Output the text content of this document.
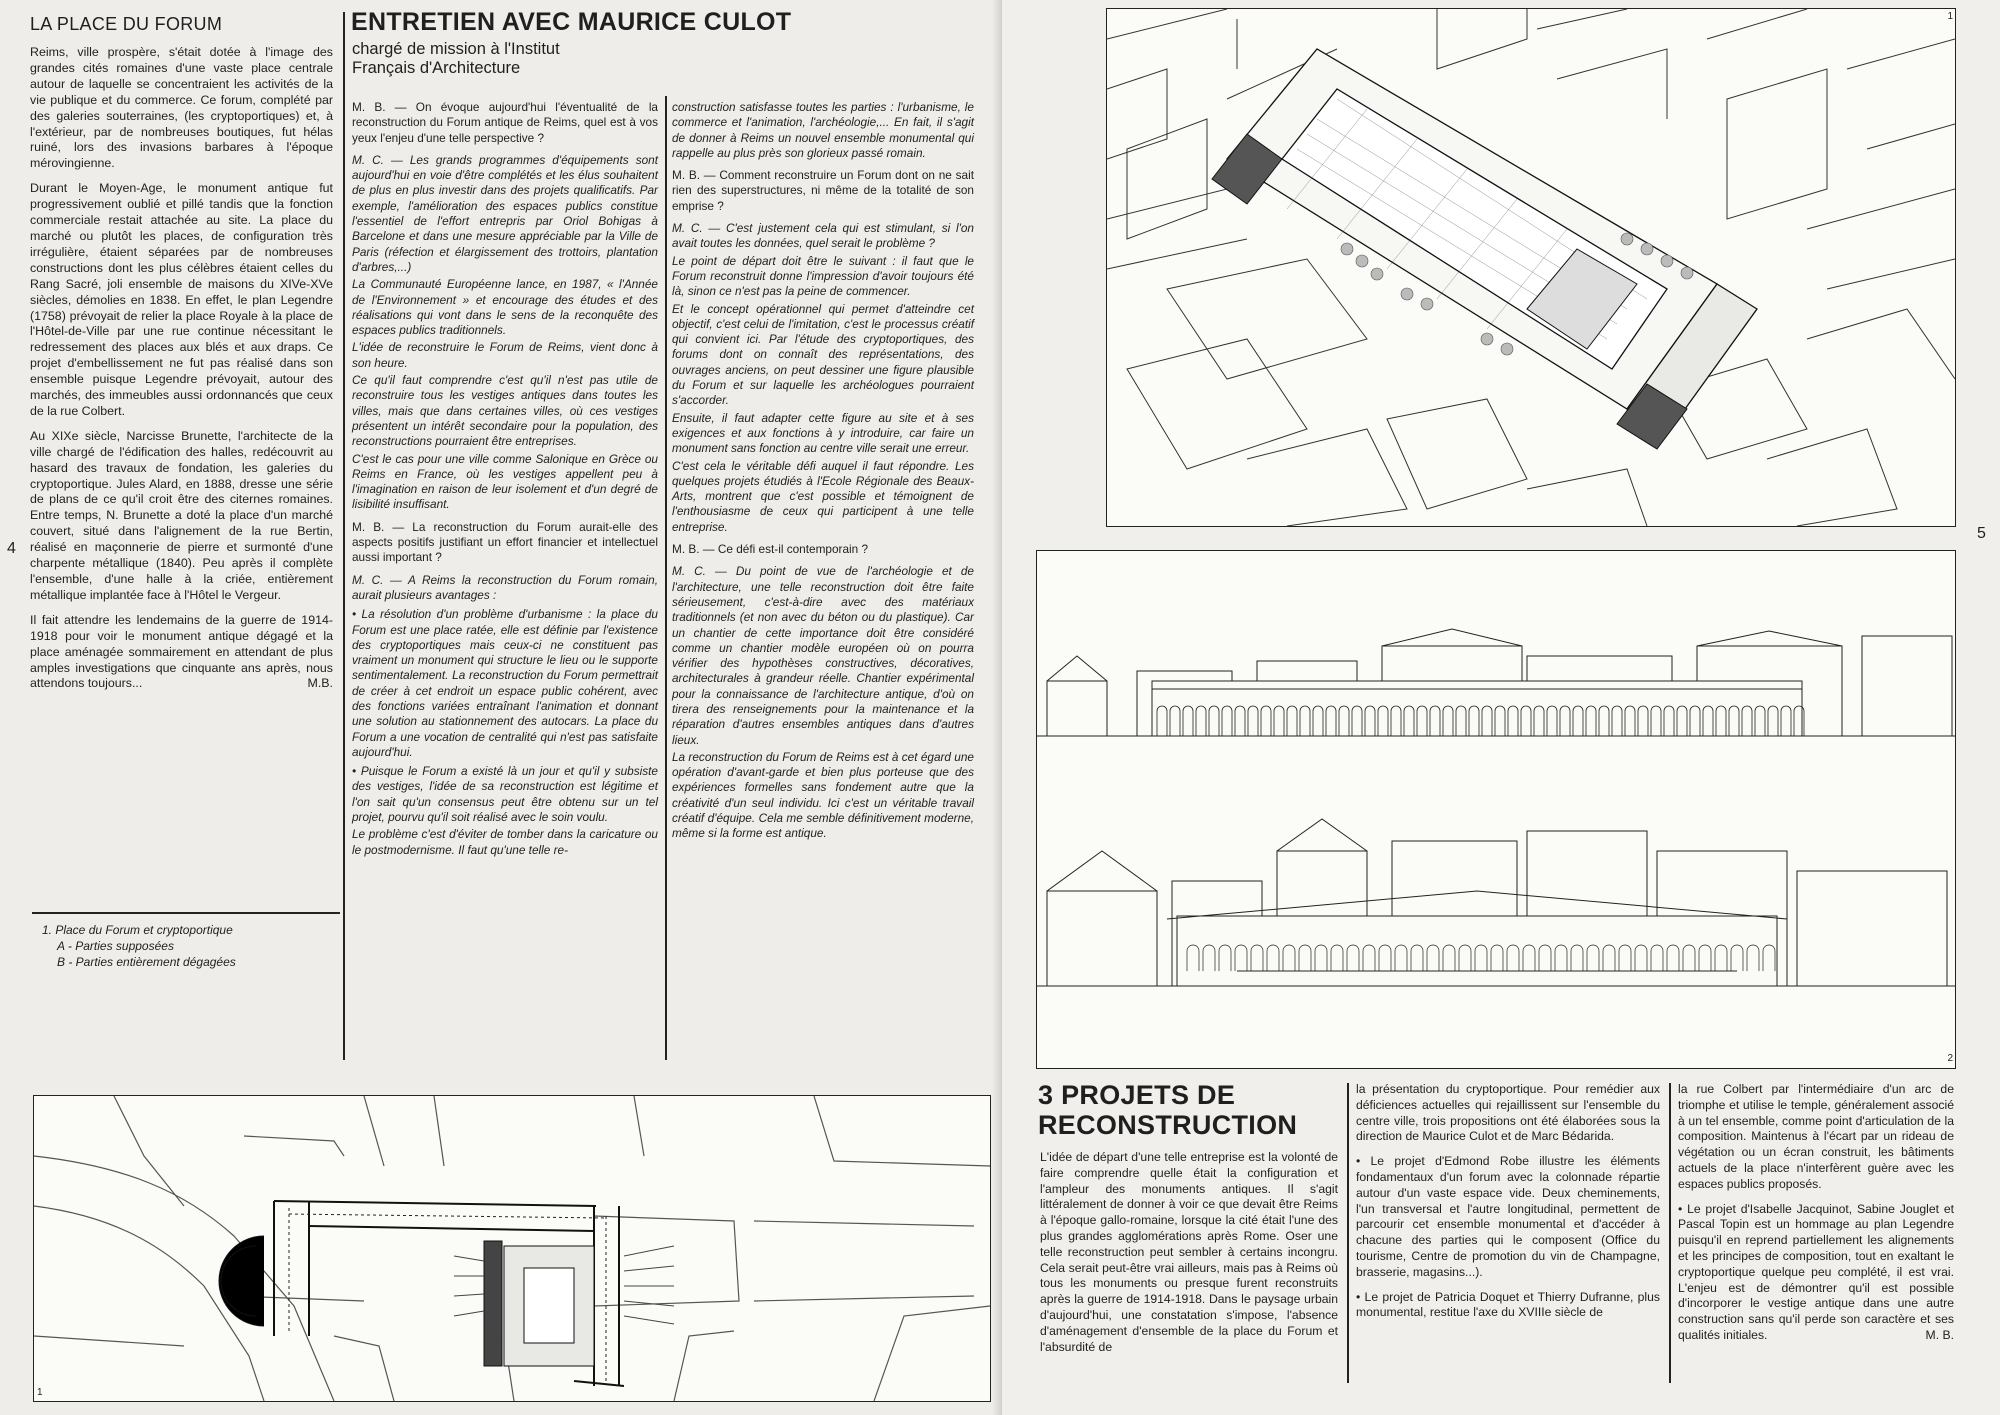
LA PLACE DU FORUM

Reims, ville prospère, s'était dotée à l'image des grandes cités romaines d'une vaste place centrale autour de laquelle se concentraient les activités de la vie publique et du commerce. Ce forum, complété par des galeries souterraines, (les cryptoportiques) et, à l'extérieur, par de nombreuses boutiques, fut hélas ruiné, lors des invasions barbares à l'époque mérovingienne.

Durant le Moyen-Age, le monument antique fut progressivement oublié et pillé tandis que la fonction commerciale restait attachée au site. La place du marché ou plutôt les places, de configuration très irrégulière, étaient séparées par de nombreuses constructions dont les plus célèbres étaient celles du Rang Sacré, joli ensemble de maisons du XIVe-XVe siècles, démolies en 1838. En effet, le plan Legendre (1758) prévoyait de relier la place Royale à la place de l'Hôtel-de-Ville par une rue continue nécessitant le redressement des places aux blés et aux draps. Ce projet d'embellissement ne fut pas réalisé dans son ensemble puisque Legendre prévoyait, autour des marchés, des immeubles aussi ordonnancés que ceux de la rue Colbert.

Au XIXe siècle, Narcisse Brunette, l'architecte de la ville chargé de l'édification des halles, redécouvrit au hasard des travaux de fondation, les galeries du cryptoportique. Jules Alard, en 1888, dresse une série de plans de ce qu'il croit être des citernes romaines. Entre temps, N. Brunette a doté la place d'un marché couvert, situé dans l'alignement de la rue Bertin, réalisé en maçonnerie de pierre et surmonté d'une charpente métallique (1840). Peu après il complète l'ensemble, d'une halle à la criée, entièrement métallique implantée face à l'Hôtel le Vergeur.

Il fait attendre les lendemains de la guerre de 1914-1918 pour voir le monument antique dégagé et la place aménagée sommairement en attendant de plus amples investigations que cinquante ans après, nous attendons toujours...	M.B.

4
1. Place du Forum et cryptoportique
A - Parties supposées
B - Parties entièrement dégagées
ENTRETIEN AVEC MAURICE CULOT
chargé de mission à l'Institut
Français d'Architecture

M. B. — On évoque aujourd'hui l'éventualité de la reconstruction du Forum antique de Reims, quel est à vos yeux l'enjeu d'une telle perspective ?

M. C. — Les grands programmes d'équipements sont aujourd'hui en voie d'être complétés et les élus souhaitent de plus en plus investir dans des projets qualificatifs. Par exemple, l'amélioration des espaces publics constitue l'essentiel de l'effort entrepris par Oriol Bohigas à Barcelone et dans une mesure appréciable par la Ville de Paris (réfection et élargissement des trottoirs, plantation d'arbres,...)

La Communauté Européenne lance, en 1987, « l'Année de l'Environnement » et encourage des études et des réalisations qui vont dans le sens de la reconquête des espaces publics traditionnels.

L'idée de reconstruire le Forum de Reims, vient donc à son heure.

Ce qu'il faut comprendre c'est qu'il n'est pas utile de reconstruire tous les vestiges antiques dans toutes les villes, mais que dans certaines villes, où ces vestiges présentent un intérêt secondaire pour la population, des reconstructions pourraient être entreprises.

C'est le cas pour une ville comme Salonique en Grèce ou Reims en France, où les vestiges appellent peu à l'imagination en raison de leur isolement et d'un degré de lisibilité insuffisant.

M. B. — La reconstruction du Forum aurait-elle des aspects positifs justifiant un effort financier et intellectuel aussi important ?

M. C. — A Reims la reconstruction du Forum romain, aurait plusieurs avantages :

• La résolution d'un problème d'urbanisme : la place du Forum est une place ratée, elle est définie par l'existence des cryptoportiques mais ceux-ci ne constituent pas vraiment un monument qui structure le lieu ou le supporte sentimentalement. La reconstruction du Forum permettrait de créer à cet endroit un espace public cohérent, avec des fonctions variées entraînant l'animation et donnant une solution au stationnement des autocars. La place du Forum a une vocation de centralité qui n'est pas satisfaite aujourd'hui.

• Puisque le Forum a existé là un jour et qu'il y subsiste des vestiges, l'idée de sa reconstruction est légitime et l'on sait qu'un consensus peut être obtenu sur un tel projet, pourvu qu'il soit réalisé avec le soin voulu.

Le problème c'est d'éviter de tomber dans la caricature ou le postmodernisme. Il faut qu'une telle re-

construction satisfasse toutes les parties : l'urbanisme, le commerce et l'animation, l'archéologie,... En fait, il s'agit de donner à Reims un nouvel ensemble monumental qui rappelle au plus près son glorieux passé romain.

M. B. — Comment reconstruire un Forum dont on ne sait rien des superstructures, ni même de la totalité de son emprise ?

M. C. — C'est justement cela qui est stimulant, si l'on avait toutes les données, quel serait le problème ?

Le point de départ doit être le suivant : il faut que le Forum reconstruit donne l'impression d'avoir toujours été là, sinon ce n'est pas la peine de commencer.

Et le concept opérationnel qui permet d'atteindre cet objectif, c'est celui de l'imitation, c'est le processus créatif qui convient ici. Par l'étude des cryptoportiques, des forums dont on connaît des représentations, des ouvrages anciens, on peut dessiner une figure plausible du Forum et sur laquelle les archéologues pourraient s'accorder.

Ensuite, il faut adapter cette figure au site et à ses exigences et aux fonctions à y introduire, car faire un monument sans fonction au centre ville serait une erreur.

C'est cela le véritable défi auquel il faut répondre. Les quelques projets étudiés à l'Ecole Régionale des Beaux-Arts, montrent que c'est possible et témoignent de l'enthousiasme de ceux qui participent à une telle entreprise.

M. B. — Ce défi est-il contemporain ?

M. C. — Du point de vue de l'archéologie et de l'architecture, une telle reconstruction doit être faite sérieusement, c'est-à-dire avec des matériaux traditionnels (et non avec du béton ou du plastique). Car un chantier de cette importance doit être considéré comme un chantier modèle européen où on pourra vérifier des hypothèses constructives, décoratives, architecturales à grandeur réelle. Chantier expérimental pour la connaissance de l'architecture antique, d'où on tirera des renseignements pour la maintenance et la réparation d'autres ensembles antiques dans d'autres lieux.

La reconstruction du Forum de Reims est à cet égard une opération d'avant-garde et bien plus porteuse que des expériences formelles sans fondement autre que la créativité d'un seul individu. Ici c'est un véritable travail créatif d'équipe. Cela me semble définitivement moderne, même si la forme est antique.

1
1
5
2
3 PROJETS DE
RECONSTRUCTION

L'idée de départ d'une telle entreprise est la volonté de faire comprendre quelle était la configuration et l'ampleur des monuments antiques. Il s'agit littéralement de donner à voir ce que devait être Reims à l'époque gallo-romaine, lorsque la cité était l'une des plus grandes agglomérations après Rome. Oser une telle reconstruction peut sembler à certains incongru. Cela serait peut-être vrai ailleurs, mais pas à Reims où tous les monuments ou presque furent reconstruits après la guerre de 1914-1918. Dans le paysage urbain d'aujourd'hui, une constatation s'impose, l'absence d'aménagement d'ensemble de la place du Forum et l'absurdité de

la présentation du cryptoportique. Pour remédier aux déficiences actuelles qui rejaillissent sur l'ensemble du centre ville, trois propositions ont été élaborées sous la direction de Maurice Culot et de Marc Bédarida.

• Le projet d'Edmond Robe illustre les éléments fondamentaux d'un forum avec la colonnade répartie autour d'un vaste espace vide. Deux cheminements, l'un transversal et l'autre longitudinal, permettent de parcourir cet ensemble monumental et d'accéder à chacune des parties qui le composent (Office du tourisme, Centre de promotion du vin de Champagne, brasserie, magasins...).

• Le projet de Patricia Doquet et Thierry Dufranne, plus monumental, restitue l'axe du XVIIIe siècle de

la rue Colbert par l'intermédiaire d'un arc de triomphe et utilise le temple, généralement associé à un tel ensemble, comme point d'articulation de la composition. Maintenus à l'écart par un rideau de végétation ou un écran construit, les bâtiments actuels de la place n'interfèrent guère avec les espaces publics proposés.

• Le projet d'Isabelle Jacquinot, Sabine Jouglet et Pascal Topin est un hommage au plan Legendre puisqu'il en reprend partiellement les alignements et les principes de composition, tout en exaltant le cryptoportique quelque peu complété, il est vrai. L'enjeu est de démontrer qu'il est possible d'incorporer le vestige antique dans une autre construction sans qu'il perde son caractère et ses qualités initiales.	M. B.
